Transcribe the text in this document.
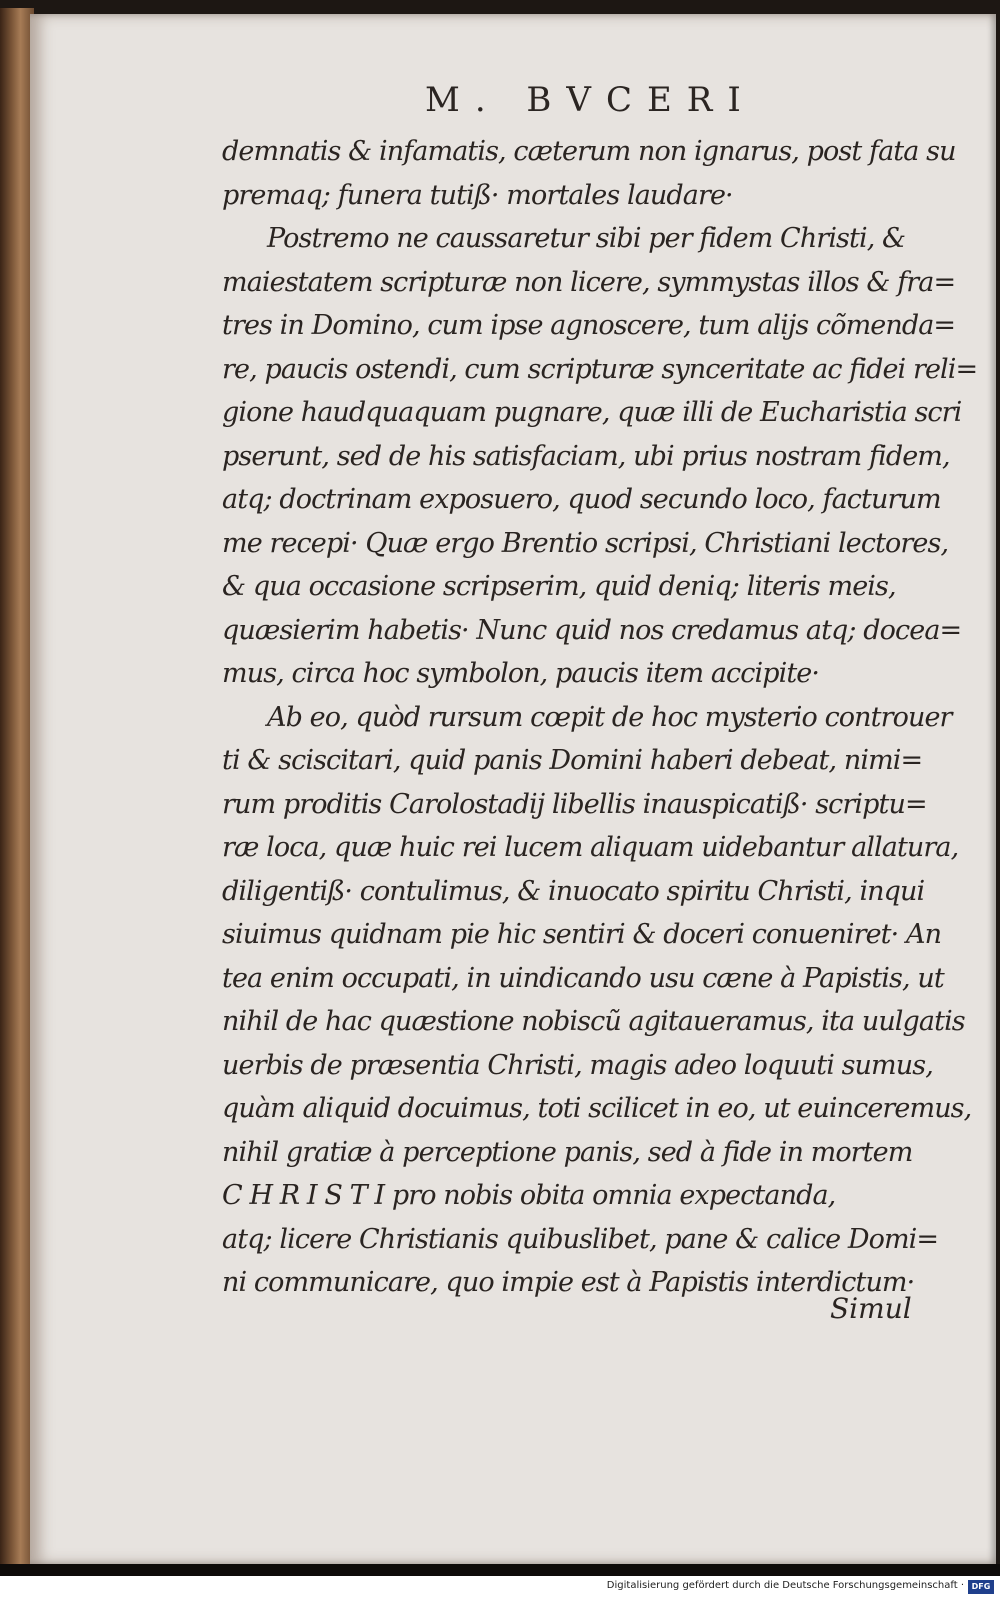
M. BVCERI
demnatis & infamatis, cæterum non ignarus, post fata su
premaq; funera tutiß· mortales laudare·
Postremo ne caussaretur sibi per fidem Christi, &
maiestatem scripturæ non licere, symmystas illos & fra=
tres in Domino, cum ipse agnoscere, tum alijs cõmenda=
re, paucis ostendi, cum scripturæ synceritate ac fidei reli=
gione haudquaquam pugnare, quæ illi de Eucharistia scri
pserunt, sed de his satisfaciam, ubi prius nostram fidem,
atq; doctrinam exposuero, quod secundo loco, facturum
me recepi· Quæ ergo Brentio scripsi, Christiani lectores,
& qua occasione scripserim, quid deniq; literis meis,
quæsierim habetis· Nunc quid nos credamus atq; docea=
mus, circa hoc symbolon, paucis item accipite·
Ab eo, quòd rursum cœpit de hoc mysterio controuer
ti & sciscitari, quid panis Domini haberi debeat, nimi=
rum proditis Carolostadij libellis inauspicatiß· scriptu=
ræ loca, quæ huic rei lucem aliquam uidebantur allatura,
diligentiß· contulimus, & inuocato spiritu Christi, inqui
siuimus quidnam pie hic sentiri & doceri conueniret· An
tea enim occupati, in uindicando usu cæne à Papistis, ut
nihil de hac quæstione nobiscũ agitaueramus, ita uulgatis
uerbis de præsentia Christi, magis adeo loquuti sumus,
quàm aliquid docuimus, toti scilicet in eo, ut euinceremus,
nihil gratiæ à perceptione panis, sed à fide in mortem
C H R I S T I pro nobis obita omnia expectanda,
atq; licere Christianis quibuslibet, pane & calice Domi=
ni communicare, quo impie est à Papistis interdictum·
Simul
Digitalisierung gefördert durch die Deutsche Forschungsgemeinschaft · DFG
